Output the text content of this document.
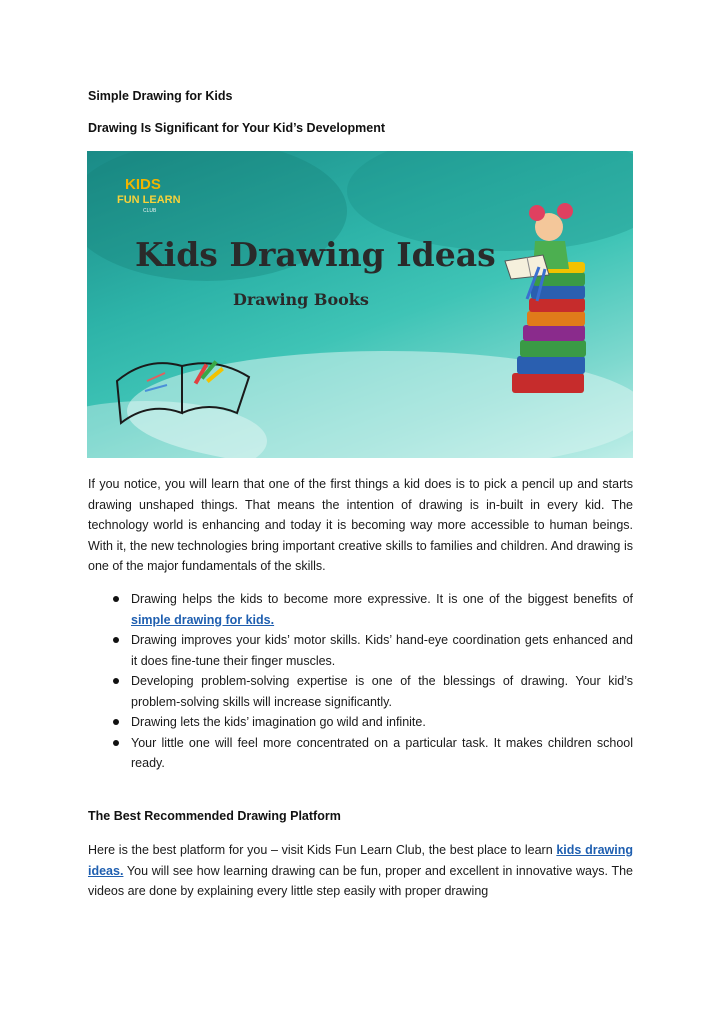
Simple Drawing for Kids
Drawing Is Significant for Your Kid’s Development
KIDS
FUN LEARN
CLUB
Kids Drawing Ideas
Drawing Books
If you notice, you will learn that one of the first things a kid does is to pick a pencil up and starts drawing unshaped things. That means the intention of drawing is in-built in every kid. The technology world is enhancing and today it is becoming way more accessible to human beings. With it, the new technologies bring important creative skills to families and children. And drawing is one of the major fundamentals of the skills.
Drawing helps the kids to become more expressive. It is one of the biggest benefits of simple drawing for kids.
Drawing improves your kids’ motor skills. Kids’ hand-eye coordination gets enhanced and it does fine-tune their finger muscles.
Developing problem-solving expertise is one of the blessings of drawing. Your kid’s problem-solving skills will increase significantly.
Drawing lets the kids’ imagination go wild and infinite.
Your little one will feel more concentrated on a particular task. It makes children school ready.
The Best Recommended Drawing Platform
Here is the best platform for you – visit Kids Fun Learn Club, the best place to learn kids drawing ideas. You will see how learning drawing can be fun, proper and excellent in innovative ways. The videos are done by explaining every little step easily with proper drawing
